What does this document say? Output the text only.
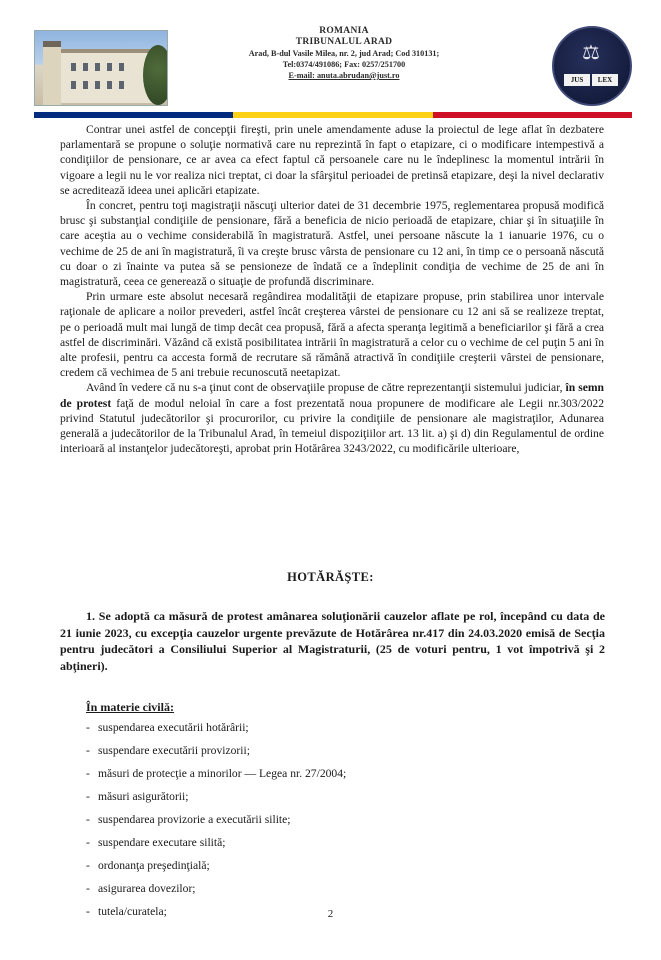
ROMANIA
TRIBUNALUL ARAD
Arad, B-dul Vasile Milea, nr. 2, jud Arad; Cod 310131;
Tel:0374/491086; Fax: 0257/251700
E-mail: anuta.abrudan@just.ro
⚖
JUS	LEX

Contrar unei astfel de concepţii fireşti, prin unele amendamente aduse la proiectul de lege aflat în dezbatere parlamentară se propune o soluţie normativă care nu reprezintă în fapt o etapizare, ci o modificare intempestivă a condiţiilor de pensionare, ce ar avea ca efect faptul că persoanele care nu le îndeplinesc la momentul intrării în vigoare a legii nu le vor realiza nici treptat, ci doar la sfârşitul perioadei de pretinsă etapizare, deşi la nivel declarativ se acreditează ideea unei aplicări etapizate.

În concret, pentru toţi magistraţii născuţi ulterior datei de 31 decembrie 1975, reglementarea propusă modifică brusc şi substanţial condiţiile de pensionare, fără a beneficia de nicio perioadă de etapizare, chiar şi în situaţiile în care aceştia au o vechime considerabilă în magistratură. Astfel, unei persoane născute la 1 ianuarie 1976, cu o vechime de 25 de ani în magistratură, îi va creşte brusc vârsta de pensionare cu 12 ani, în timp ce o persoană născută cu doar o zi înainte va putea să se pensioneze de îndată ce a îndeplinit condiţia de vechime de 25 de ani în magistratură, ceea ce generează o situaţie de profundă discriminare.

Prin urmare este absolut necesară regândirea modalităţii de etapizare propuse, prin stabilirea unor intervale raţionale de aplicare a noilor prevederi, astfel încât creşterea vârstei de pensionare cu 12 ani să se realizeze treptat, pe o perioadă mult mai lungă de timp decât cea propusă, fără a afecta speranţa legitimă a beneficiarilor şi fără a crea astfel de discriminări. Văzând că există posibilitatea intrării în magistratură a celor cu o vechime de cel puţin 5 ani în alte profesii, pentru ca accesta formă de recrutare să rămână atractivă în condiţiile creşterii vârstei de pensionare, credem că vechimea de 5 ani trebuie recunoscută neetapizat.

Având în vedere că nu s-a ţinut cont de observaţiile propuse de către reprezentanţii sistemului judiciar, în semn de protest faţă de modul neloial în care a fost prezentată noua propunere de modificare ale Legii nr.303/2022 privind Statutul judecătorilor şi procurorilor, cu privire la condiţiile de pensionare ale magistraţilor, Adunarea generală a judecătorilor de la Tribunalul Arad, în temeiul dispoziţiilor art. 13 lit. a) şi d) din Regulamentul de ordine interioară al instanţelor judecătoreşti, aprobat prin Hotărârea 3243/2022, cu modificările ulterioare,

HOTĂRĂŞTE:
1. Se adoptă ca măsură de protest amânarea soluţionării cauzelor aflate pe rol, începând cu data de 21 iunie 2023, cu excepţia cauzelor urgente prevăzute de Hotărârea nr.417 din 24.03.2020 emisă de Secţia pentru judecători a Consiliului Superior al Magistraturii, (25 de voturi pentru, 1 vot împotrivă şi 2 abţineri).
În materie civilă:
- suspendarea executării hotărârii;
- suspendare executării provizorii;
- măsuri de protecţie a minorilor — Legea nr. 27/2004;
- măsuri asigurătorii;
- suspendarea provizorie a executării silite;
- suspendare executare silită;
- ordonanţa preşedinţială;
- asigurarea dovezilor;
- tutela/curatela;	2
